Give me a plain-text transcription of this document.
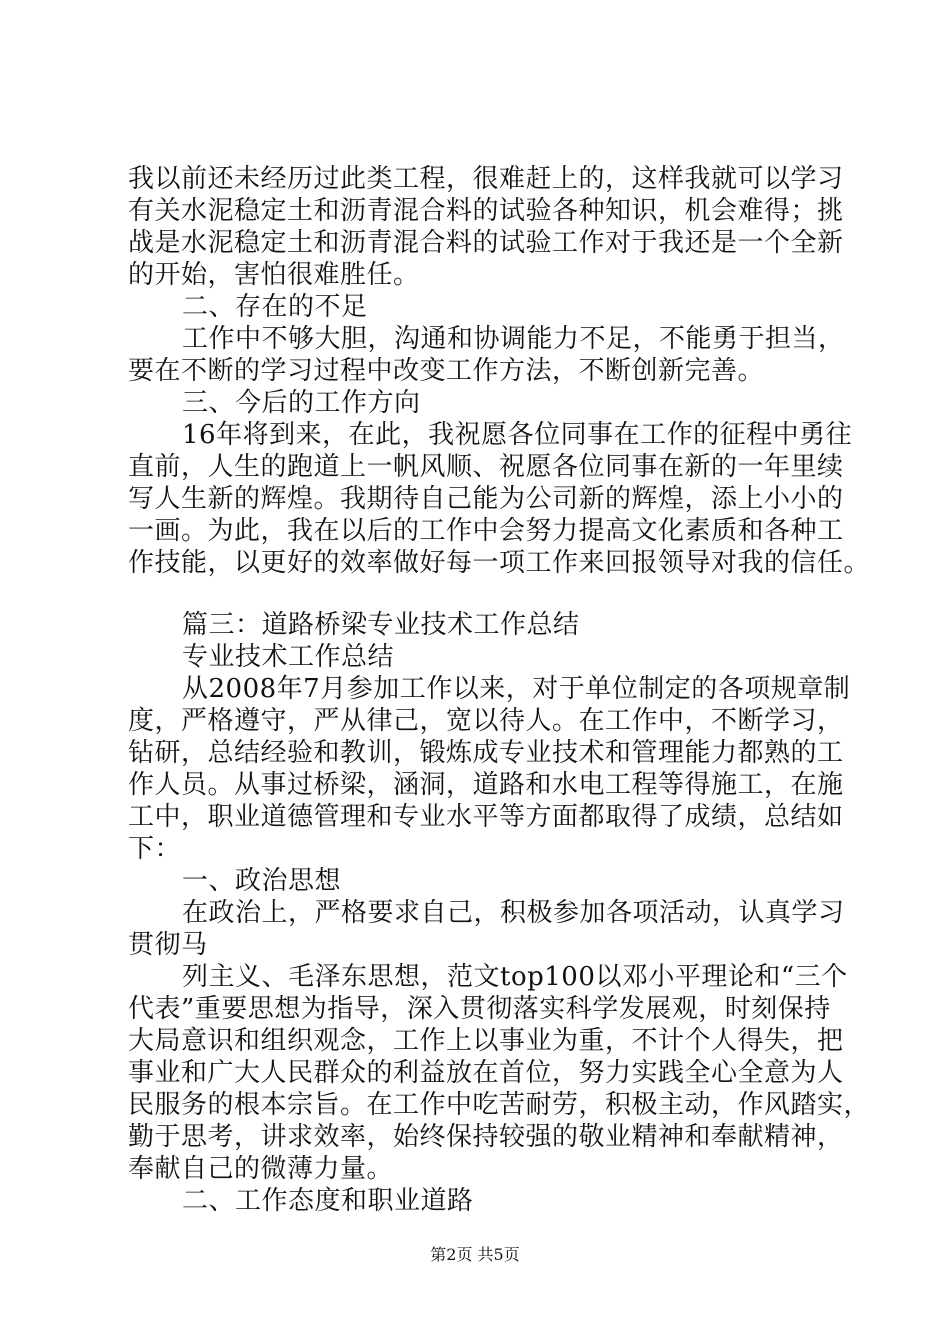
我以前还未经历过此类工程，很难赶上的，这样我就可以学习
有关水泥稳定土和沥青混合料的试验各种知识，机会难得；挑
战是水泥稳定土和沥青混合料的试验工作对于我还是一个全新
的开始，害怕很难胜任。
二、存在的不足
工作中不够大胆，沟通和协调能力不足，不能勇于担当，
要在不断的学习过程中改变工作方法，不断创新完善。
三、今后的工作方向
16年将到来，在此，我祝愿各位同事在工作的征程中勇往
直前，人生的跑道上一帆风顺、祝愿各位同事在新的一年里续
写人生新的辉煌。我期待自己能为公司新的辉煌，添上小小的
一画。为此，我在以后的工作中会努力提高文化素质和各种工
作技能，以更好的效率做好每一项工作来回报领导对我的信任。
篇三：道路桥梁专业技术工作总结
专业技术工作总结
从2008年7月参加工作以来，对于单位制定的各项规章制
度，严格遵守，严从律己，宽以待人。在工作中，不断学习，
钻研，总结经验和教训，锻炼成专业技术和管理能力都熟的工
作人员。从事过桥梁，涵洞，道路和水电工程等得施工，在施
工中，职业道德管理和专业水平等方面都取得了成绩，总结如
下：
一、政治思想
在政治上，严格要求自己，积极参加各项活动，认真学习
贯彻马
列主义、毛泽东思想，范文top100以邓小平理论和“三个
代表”重要思想为指导，深入贯彻落实科学发展观，时刻保持
大局意识和组织观念，工作上以事业为重，不计个人得失，把
事业和广大人民群众的利益放在首位，努力实践全心全意为人
民服务的根本宗旨。在工作中吃苦耐劳，积极主动，作风踏实，
勤于思考，讲求效率，始终保持较强的敬业精神和奉献精神，
奉献自己的微薄力量。
二、工作态度和职业道路
第2页 共5页
